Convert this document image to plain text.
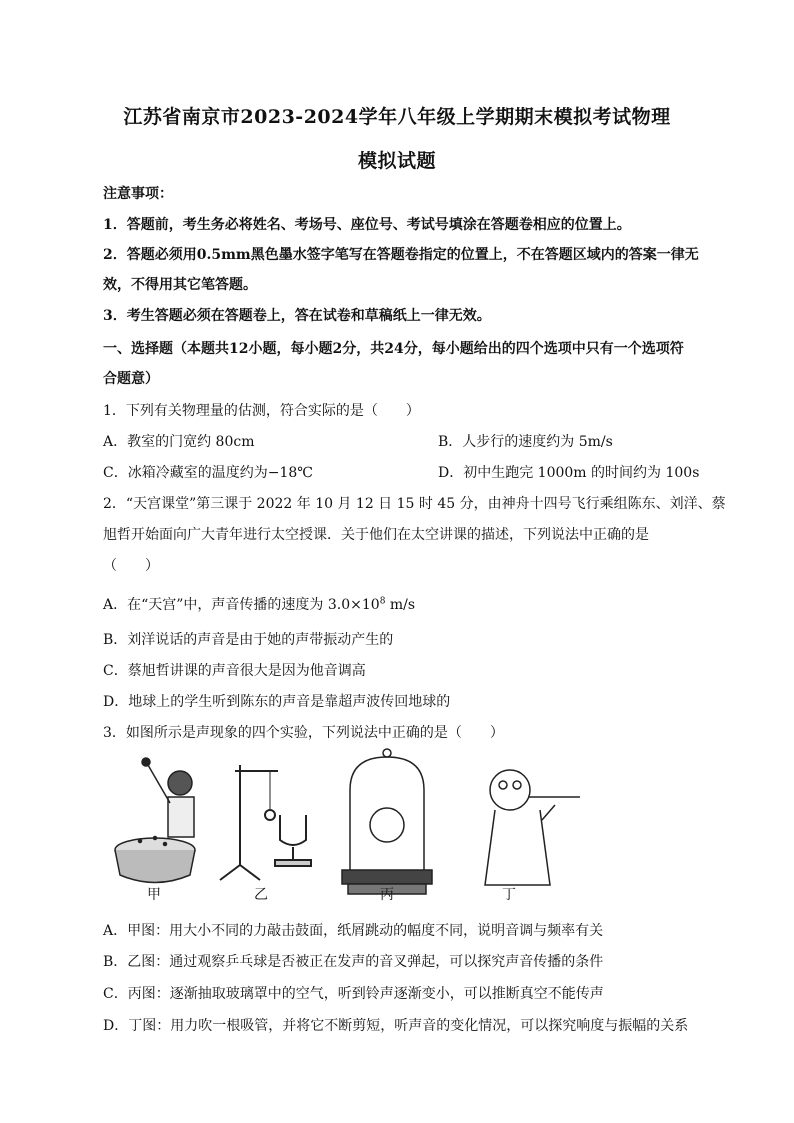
江苏省南京市2023-2024学年八年级上学期期末模拟考试物理
模拟试题
注意事项：
1．答题前，考生务必将姓名、考场号、座位号、考试号填涂在答题卷相应的位置上。
2．答题必须用0.5mm黑色墨水签字笔写在答题卷指定的位置上，不在答题区域内的答案一律无
效，不得用其它笔答题。
3．考生答题必须在答题卷上，答在试卷和草稿纸上一律无效。
一、选择题（本题共12小题，每小题2分，共24分，每小题给出的四个选项中只有一个选项符
合题意）
1．下列有关物理量的估测，符合实际的是（　　）
A．教室的门宽约 80cm	B．人步行的速度约为 5m/s
C．冰箱冷藏室的温度约为−18℃	D．初中生跑完 1000m 的时间约为 100s
2．“天宫课堂”第三课于 2022 年 10 月 12 日 15 时 45 分，由神舟十四号飞行乘组陈东、刘洋、蔡
旭哲开始面向广大青年进行太空授课．关于他们在太空讲课的描述，下列说法中正确的是
（　　）
A．在“天宫”中，声音传播的速度为 $3.0\times 10^8$ m/s
B．刘洋说话的声音是由于她的声带振动产生的
C．蔡旭哲讲课的声音很大是因为他音调高
D．地球上的学生听到陈东的声音是靠超声波传回地球的
3．如图所示是声现象的四个实验，下列说法中正确的是（　　）
甲	乙	丙	丁
A．甲图：用大小不同的力敲击鼓面，纸屑跳动的幅度不同，说明音调与频率有关
B．乙图：通过观察乒乓球是否被正在发声的音叉弹起，可以探究声音传播的条件
C．丙图：逐渐抽取玻璃罩中的空气，听到铃声逐渐变小，可以推断真空不能传声
D．丁图：用力吹一根吸管，并将它不断剪短，听声音的变化情况，可以探究响度与振幅的关系
